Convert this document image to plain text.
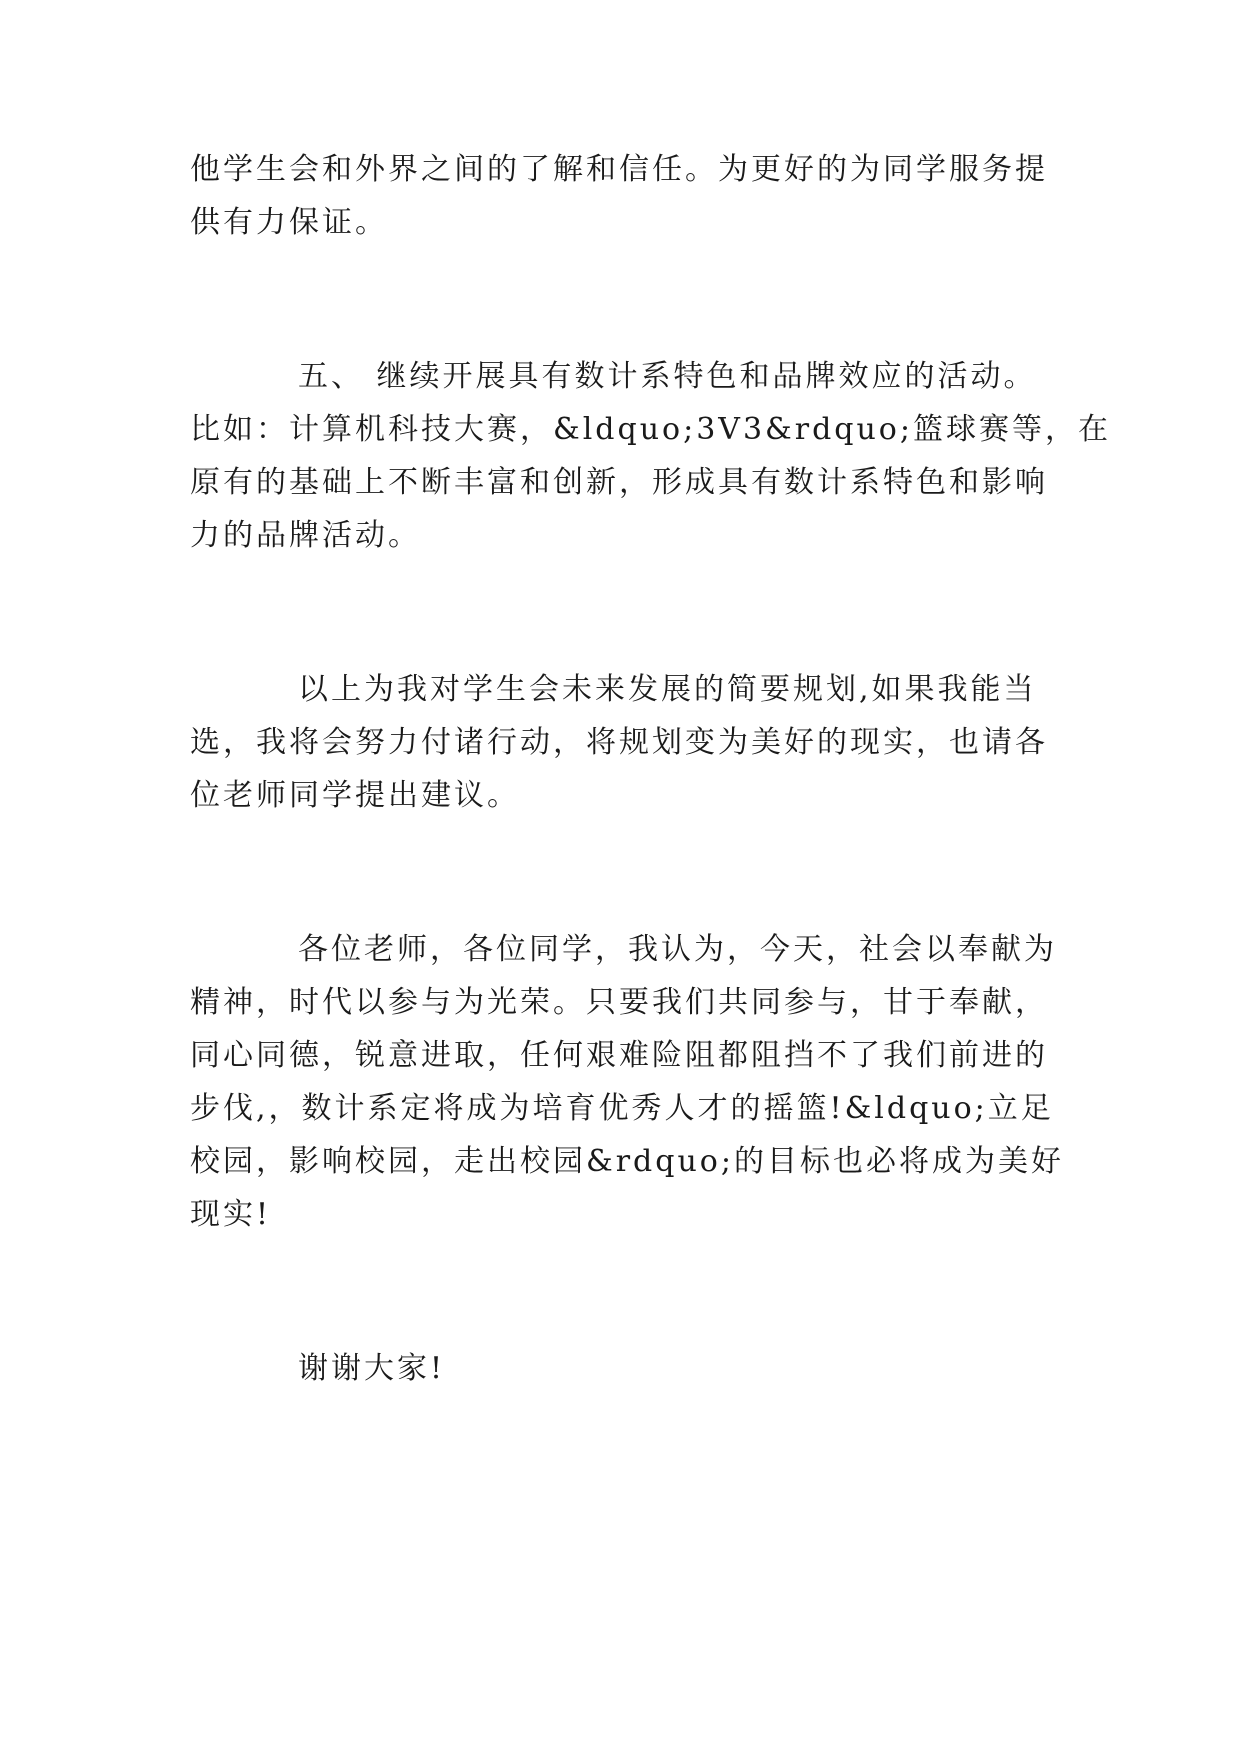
他学生会和外界之间的了解和信任。为更好的为同学服务提
供有力保证。
五、 继续开展具有数计系特色和品牌效应的活动。
比如：计算机科技大赛，&ldquo;3V3&rdquo;篮球赛等，在
原有的基础上不断丰富和创新，形成具有数计系特色和影响
力的品牌活动。
以上为我对学生会未来发展的简要规划,如果我能当
选，我将会努力付诸行动，将规划变为美好的现实，也请各
位老师同学提出建议。
各位老师，各位同学，我认为，今天，社会以奉献为
精神，时代以参与为光荣。只要我们共同参与，甘于奉献，
同心同德，锐意进取，任何艰难险阻都阻挡不了我们前进的
步伐,，数计系定将成为培育优秀人才的摇篮!&ldquo;立足
校园，影响校园，走出校园&rdquo;的目标也必将成为美好
现实!
谢谢大家!
